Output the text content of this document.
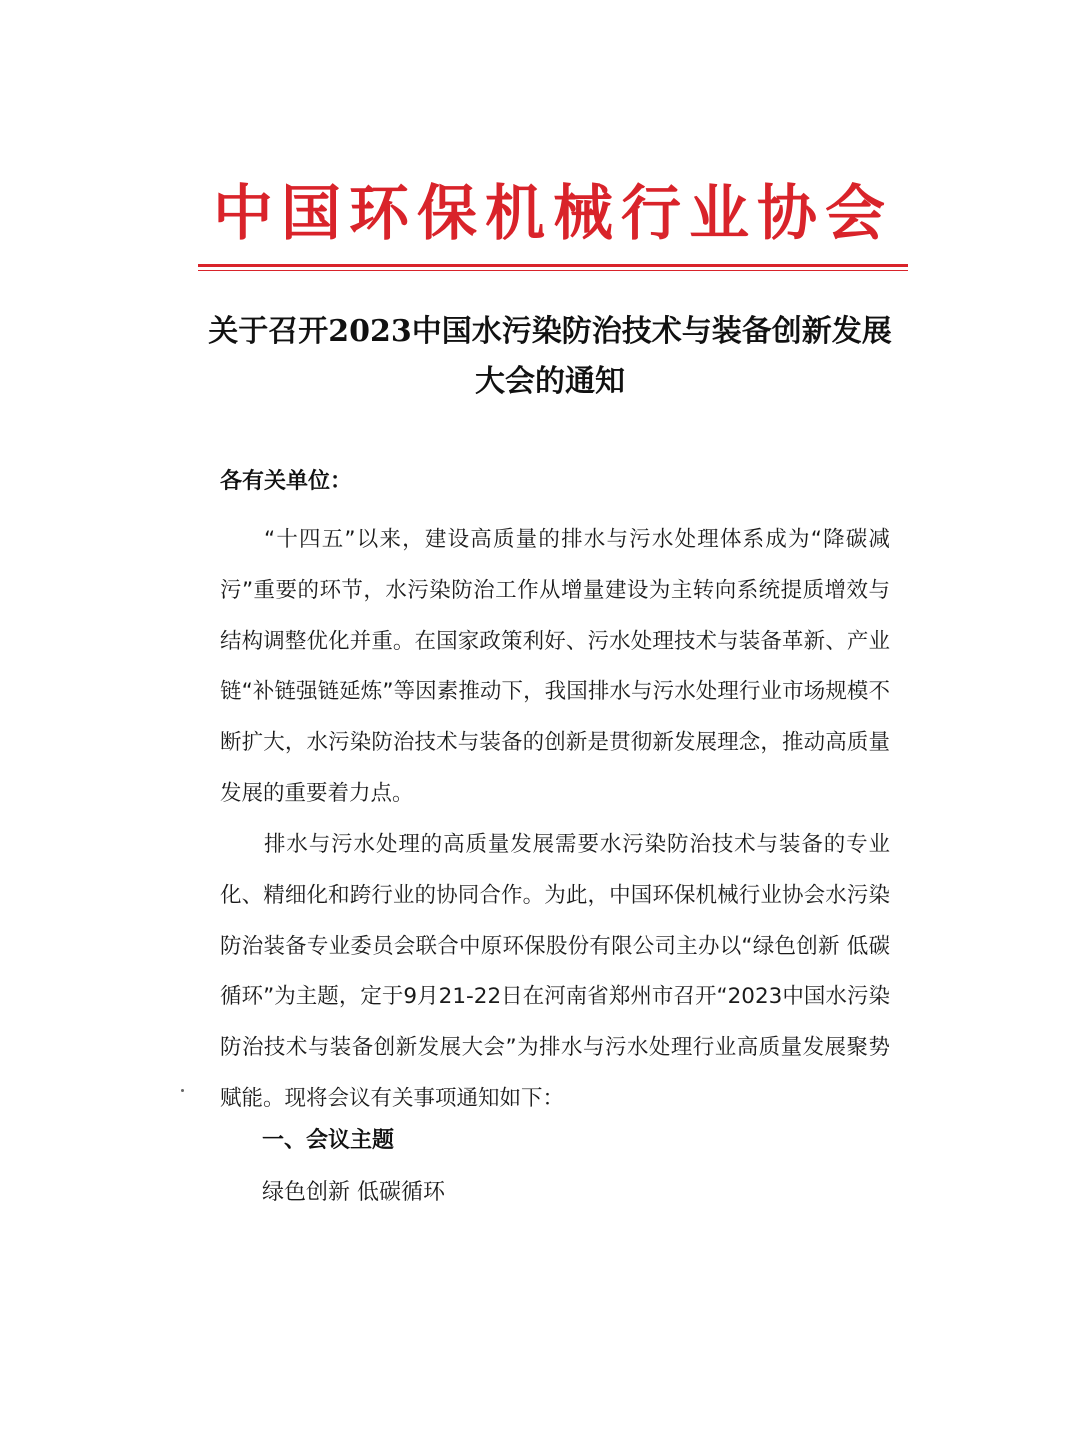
中国环保机械行业协会
关于召开2023中国水污染防治技术与装备创新发展
大会的通知
各有关单位：
“十四五”以来，建设高质量的排水与污水处理体系成为“降碳减污”重要的环节，水污染防治工作从增量建设为主转向系统提质增效与结构调整优化并重。在国家政策利好、污水处理技术与装备革新、产业链“补链强链延炼”等因素推动下，我国排水与污水处理行业市场规模不断扩大，水污染防治技术与装备的创新是贯彻新发展理念，推动高质量发展的重要着力点。
排水与污水处理的高质量发展需要水污染防治技术与装备的专业化、精细化和跨行业的协同合作。为此，中国环保机械行业协会水污染防治装备专业委员会联合中原环保股份有限公司主办以“绿色创新 低碳循环”为主题，定于9月21-22日在河南省郑州市召开“2023中国水污染防治技术与装备创新发展大会”为排水与污水处理行业高质量发展聚势赋能。现将会议有关事项通知如下：
一、会议主题
绿色创新 低碳循环
